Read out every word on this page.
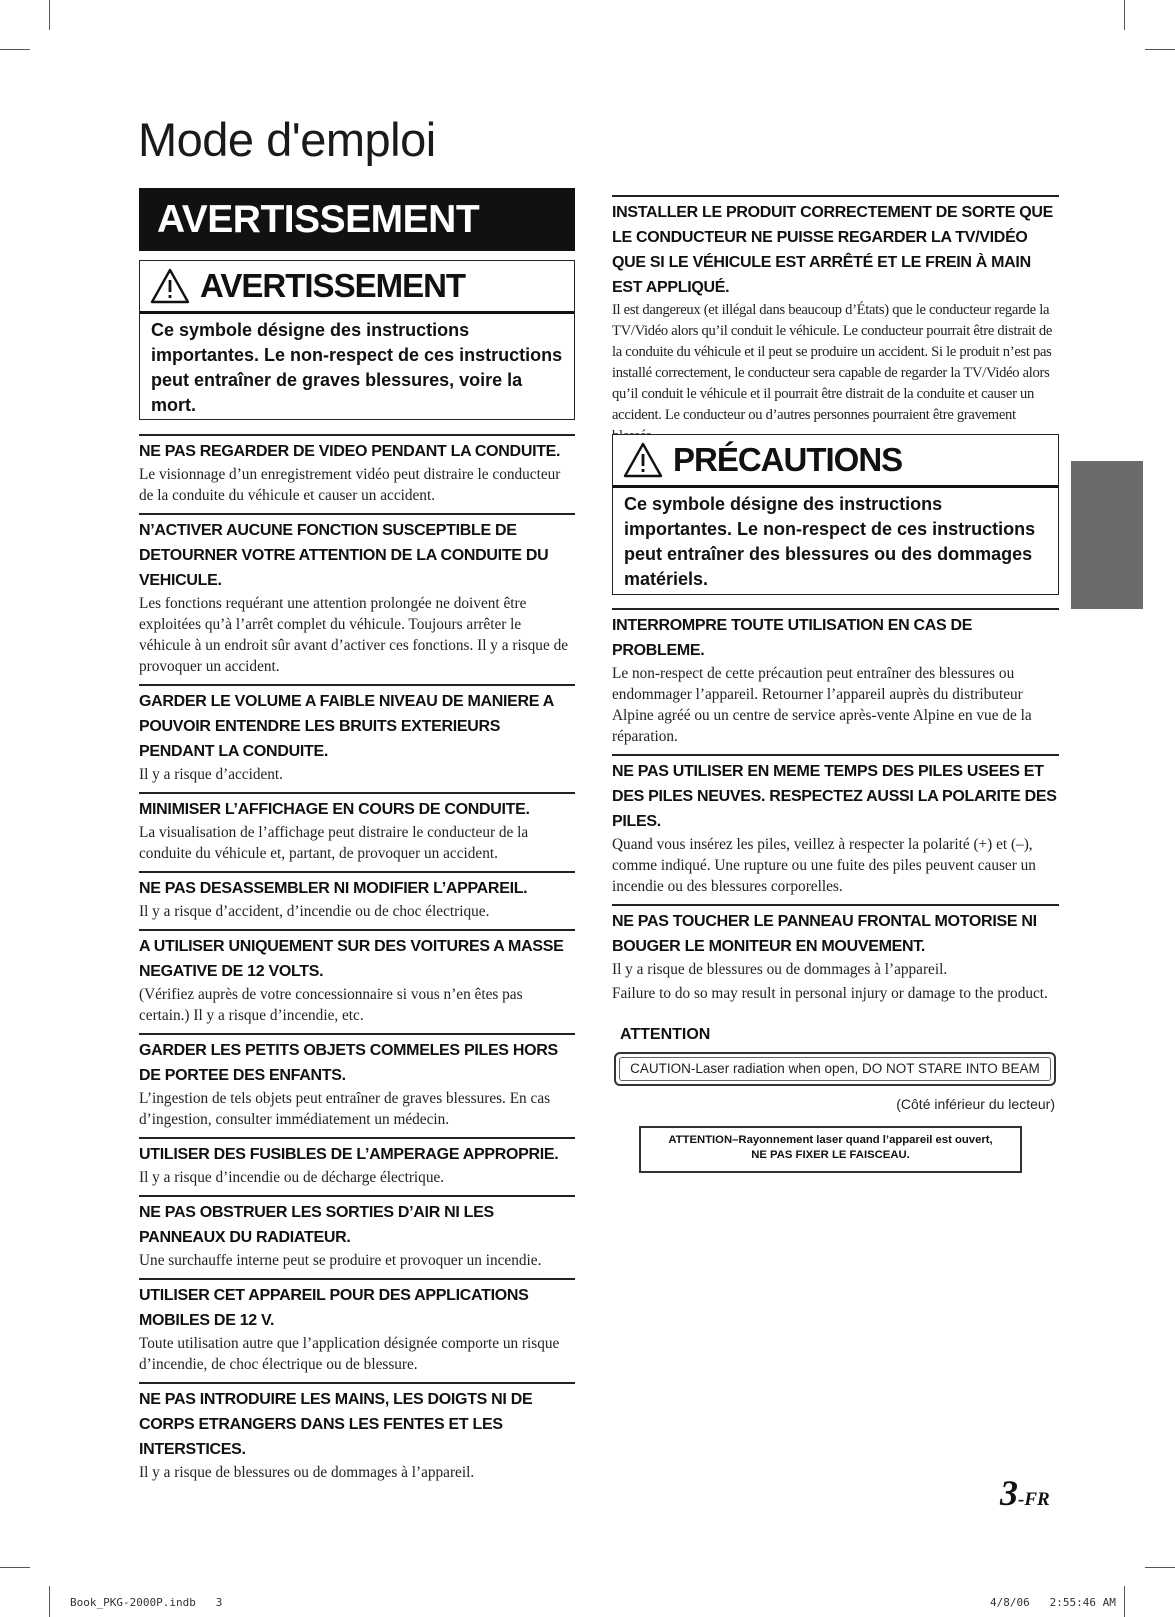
Mode d'emploi
AVERTISSEMENT
AVERTISSEMENT
Ce symbole désigne des instructions importantes. Le non-respect de ces instructions peut entraîner de graves blessures, voire la mort.
NE PAS REGARDER DE VIDEO PENDANT LA CONDUITE.

Le visionnage d’un enregistrement vidéo peut distraire le conducteur de la conduite du véhicule et causer un accident.

N’ACTIVER AUCUNE FONCTION SUSCEPTIBLE DE DETOURNER VOTRE ATTENTION DE LA CONDUITE DU VEHICULE.

Les fonctions requérant une attention prolongée ne doivent être exploitées qu’à l’arrêt complet du véhicule. Toujours arrêter le véhicule à un endroit sûr avant d’activer ces fonctions. Il y a risque de provoquer un accident.

GARDER LE VOLUME A FAIBLE NIVEAU DE MANIERE A POUVOIR ENTENDRE LES BRUITS EXTERIEURS PENDANT LA CONDUITE.

Il y a risque d’accident.

MINIMISER L’AFFICHAGE EN COURS DE CONDUITE.

La visualisation de l’affichage peut distraire le conducteur de la conduite du véhicule et, partant, de provoquer un accident.

NE PAS DESASSEMBLER NI MODIFIER L’APPAREIL.

Il y a risque d’accident, d’incendie ou de choc électrique.

A UTILISER UNIQUEMENT SUR DES VOITURES A MASSE NEGATIVE DE 12 VOLTS.

(Vérifiez auprès de votre concessionnaire si vous n’en êtes pas certain.) Il y a risque d’incendie, etc.

GARDER LES PETITS OBJETS COMMELES PILES HORS DE PORTEE DES ENFANTS.

L’ingestion de tels objets peut entraîner de graves blessures. En cas d’ingestion, consulter immédiatement un médecin.

UTILISER DES FUSIBLES DE L’AMPERAGE APPROPRIE.

Il y a risque d’incendie ou de décharge électrique.

NE PAS OBSTRUER LES SORTIES D’AIR NI LES PANNEAUX DU RADIATEUR.

Une surchauffe interne peut se produire et provoquer un incendie.

UTILISER CET APPAREIL POUR DES APPLICATIONS MOBILES DE 12 V.

Toute utilisation autre que l’application désignée comporte un risque d’incendie, de choc électrique ou de blessure.

NE PAS INTRODUIRE LES MAINS, LES DOIGTS NI DE CORPS ETRANGERS DANS LES FENTES ET LES INTERSTICES.

Il y a risque de blessures ou de dommages à l’appareil.

INSTALLER LE PRODUIT CORRECTEMENT DE SORTE QUE LE CONDUCTEUR NE PUISSE REGARDER LA TV/VIDÉO QUE SI LE VÉHICULE EST ARRÊTÉ ET LE FREIN À MAIN EST APPLIQUÉ.

Il est dangereux (et illégal dans beaucoup d’États) que le conducteur regarde la TV/Vidéo alors qu’il conduit le véhicule. Le conducteur pourrait être distrait de la conduite du véhicule et il peut se produire un accident. Si le produit n’est pas installé correctement, le conducteur sera capable de regarder la TV/Vidéo alors qu’il conduit le véhicule et il pourrait être distrait de la conduite et causer un accident. Le conducteur ou d’autres personnes pourraient être gravement

PRÉCAUTIONS
Ce symbole désigne des instructions importantes. Le non-respect de ces instructions peut entraîner des blessures ou des dommages matériels.
INTERROMPRE TOUTE UTILISATION EN CAS DE PROBLEME.

Le non-respect de cette précaution peut entraîner des blessures ou endommager l’appareil. Retourner l’appareil auprès du distributeur Alpine agréé ou un centre de service après-vente Alpine en vue de la réparation.

NE PAS UTILISER EN MEME TEMPS DES PILES USEES ET DES PILES NEUVES. RESPECTEZ AUSSI LA POLARITE DES PILES.

Quand vous insérez les piles, veillez à respecter la polarité (+) et (–), comme indiqué. Une rupture ou une fuite des piles peuvent causer un incendie ou des blessures corporelles.

NE PAS TOUCHER LE PANNEAU FRONTAL MOTORISE NI BOUGER LE MONITEUR EN MOUVEMENT.

Il y a risque de blessures ou de dommages à l’appareil.

Failure to do so may result in personal injury or damage to the product.

ATTENTION
CAUTION-Laser radiation when open, DO NOT STARE INTO BEAM
(Côté inférieur du lecteur)
ATTENTION–Rayonnement laser quand l’appareil est ouvert,
NE PAS FIXER LE FAISCEAU.
3-FR
Book_PKG-2000P.indb   3	4/8/06   2:55:46 AM
